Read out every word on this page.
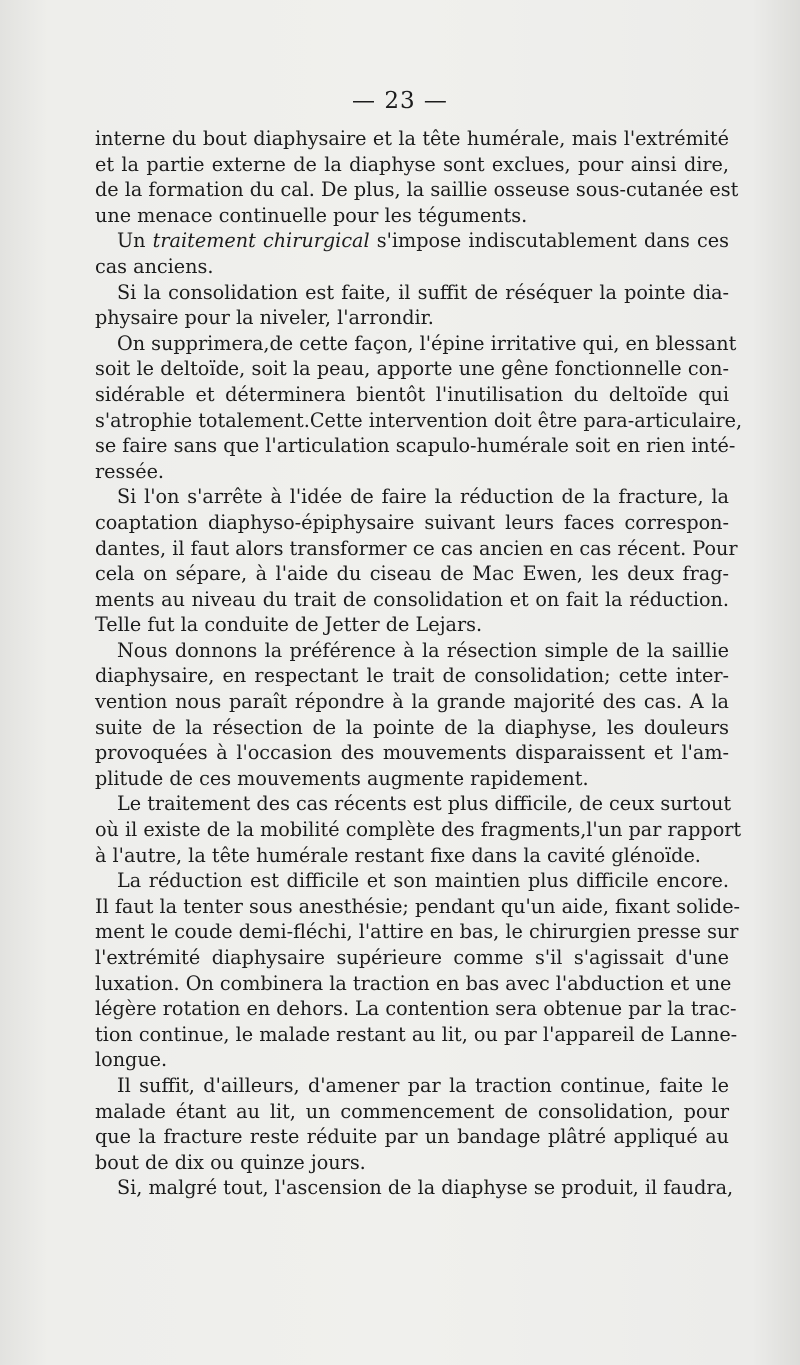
— 23 —
interne du bout diaphysaire et la tête humérale, mais l'extrémité
et la partie externe de la diaphyse sont exclues, pour ainsi dire,
de la formation du cal. De plus, la saillie osseuse sous-cutanée est
une menace continuelle pour les téguments.
Un traitement chirurgical s'impose indiscutablement dans ces
cas anciens.
Si la consolidation est faite, il suffit de réséquer la pointe dia-
physaire pour la niveler, l'arrondir.
On supprimera,de cette façon, l'épine irritative qui, en blessant
soit le deltoïde, soit la peau, apporte une gêne fonctionnelle con-
sidérable et déterminera bientôt l'inutilisation du deltoïde qui
s'atrophie totalement.Cette intervention doit être para-articulaire,
se faire sans que l'articulation scapulo-humérale soit en rien inté-
ressée.
Si l'on s'arrête à l'idée de faire la réduction de la fracture, la
coaptation diaphyso-épiphysaire suivant leurs faces correspon-
dantes, il faut alors transformer ce cas ancien en cas récent. Pour
cela on sépare, à l'aide du ciseau de Mac Ewen, les deux frag-
ments au niveau du trait de consolidation et on fait la réduction.
Telle fut la conduite de Jetter de Lejars.
Nous donnons la préférence à la résection simple de la saillie
diaphysaire, en respectant le trait de consolidation; cette inter-
vention nous paraît répondre à la grande majorité des cas. A la
suite de la résection de la pointe de la diaphyse, les douleurs
provoquées à l'occasion des mouvements disparaissent et l'am-
plitude de ces mouvements augmente rapidement.
Le traitement des cas récents est plus difficile, de ceux surtout
où il existe de la mobilité complète des fragments,l'un par rapport
à l'autre, la tête humérale restant fixe dans la cavité glénoïde.
La réduction est difficile et son maintien plus difficile encore.
Il faut la tenter sous anesthésie; pendant qu'un aide, fixant solide-
ment le coude demi-fléchi, l'attire en bas, le chirurgien presse sur
l'extrémité diaphysaire supérieure comme s'il s'agissait d'une
luxation. On combinera la traction en bas avec l'abduction et une
légère rotation en dehors. La contention sera obtenue par la trac-
tion continue, le malade restant au lit, ou par l'appareil de Lanne-
longue.
Il suffit, d'ailleurs, d'amener par la traction continue, faite le
malade étant au lit, un commencement de consolidation, pour
que la fracture reste réduite par un bandage plâtré appliqué au
bout de dix ou quinze jours.
Si, malgré tout, l'ascension de la diaphyse se produit, il faudra,
